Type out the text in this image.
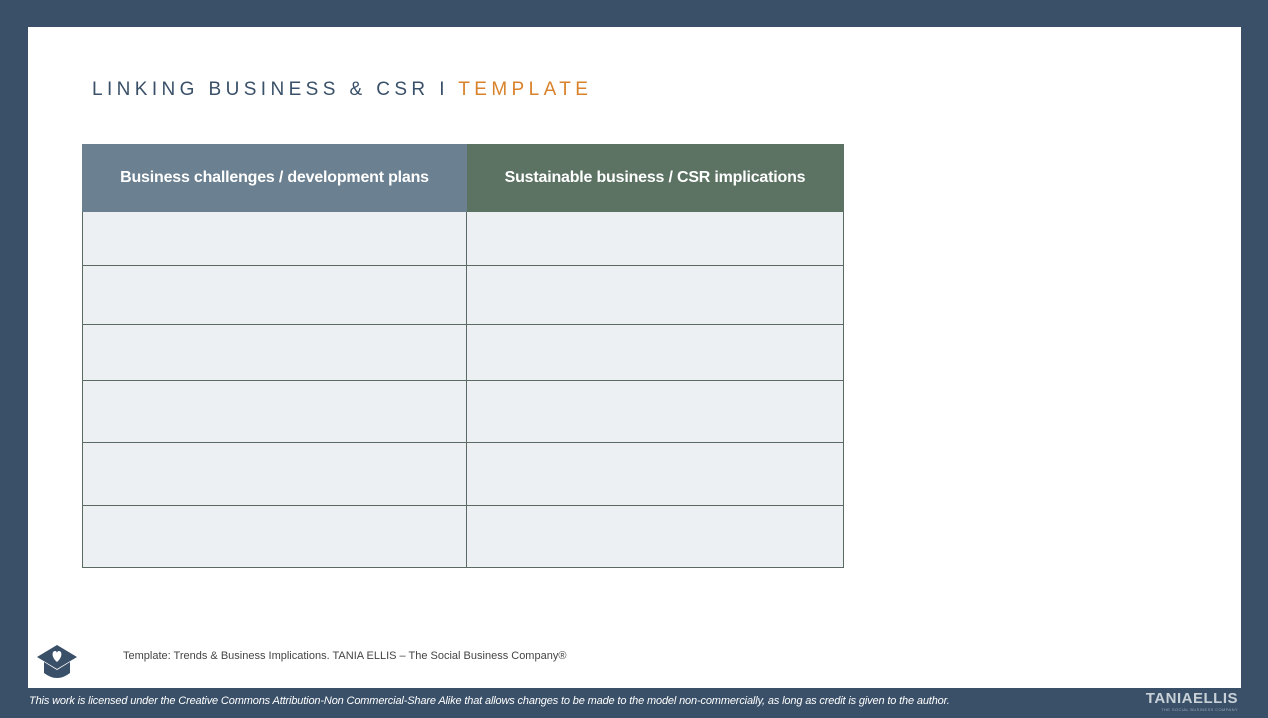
LINKING BUSINESS & CSR I TEMPLATE
Business challenges / development plans	Sustainable business / CSR implications

Template: Trends & Business Implications. TANIA ELLIS – The Social Business Company®
This work is licensed under the Creative Commons Attribution-Non Commercial-Share Alike that allows changes to be made to the model non-commercially, as long as credit is given to the author.	TANIAELLIS
THE SOCIAL BUSINESS COMPANY
